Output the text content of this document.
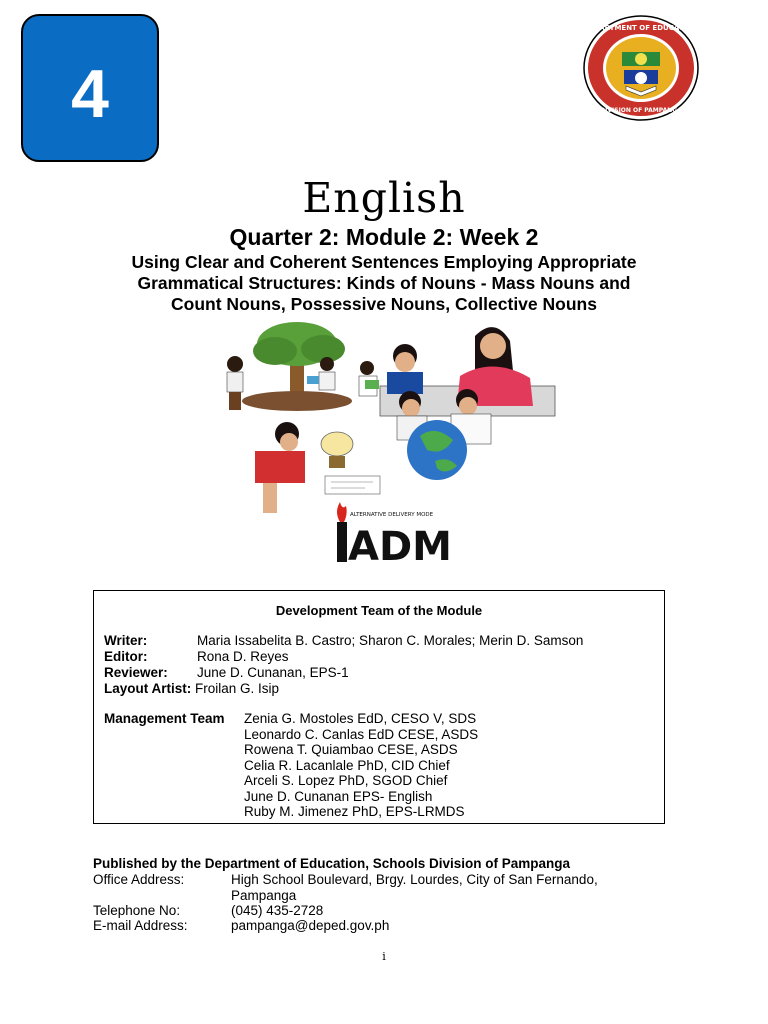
4
DEPARTMENT OF EDUCATION
DIVISION OF PAMPANGA
English
Quarter 2: Module 2: Week 2
Using Clear and Coherent Sentences Employing Appropriate
Grammatical Structures: Kinds of Nouns - Mass Nouns and
Count Nouns, Possessive Nouns, Collective Nouns
ALTERNATIVE DELIVERY MODE
ADM
Development Team of the Module
Writer:	Maria Issabelita B. Castro; Sharon C. Morales; Merin D. Samson
Editor:	Rona D. Reyes
Reviewer: June D. Cunanan, EPS-1
Layout Artist: Froilan G. Isip
Management Team Zenia G. Mostoles EdD, CESO V, SDS
Leonardo C. Canlas EdD CESE, ASDS
Rowena T. Quiambao CESE, ASDS
Celia R. Lacanlale PhD, CID Chief
Arceli S. Lopez PhD, SGOD Chief
June D. Cunanan EPS- English
Ruby M. Jimenez PhD, EPS-LRMDS
Published by the Department of Education, Schools Division of Pampanga
Office Address:	High School Boulevard, Brgy. Lourdes, City of San Fernando,
Pampanga
Telephone No:	(045) 435-2728
E-mail Address:	pampanga@deped.gov.ph
i
